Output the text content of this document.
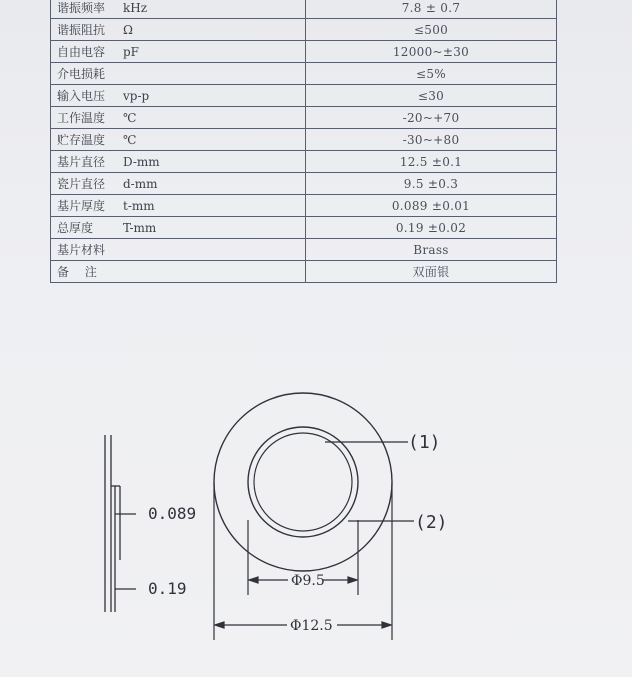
谐振频率 kHz	7.8 ± 0.7
谐振阻抗 Ω	≤500
自由电容 pF	12000~±30
介电损耗	≤5%
输入电压 vp-p	≤30
工作温度 ℃	-20~+70
贮存温度 ℃	-30~+80
基片直径 D-mm	12.5 ±0.1
瓷片直径 d-mm	9.5 ±0.3
基片厚度 t-mm	0.089 ±0.01
总厚度 T-mm	0.19 ±0.02
基片材料	Brass
备　 注	双面银
0.089
0.19
(1)
(2)
Φ9.5
Φ12.5
